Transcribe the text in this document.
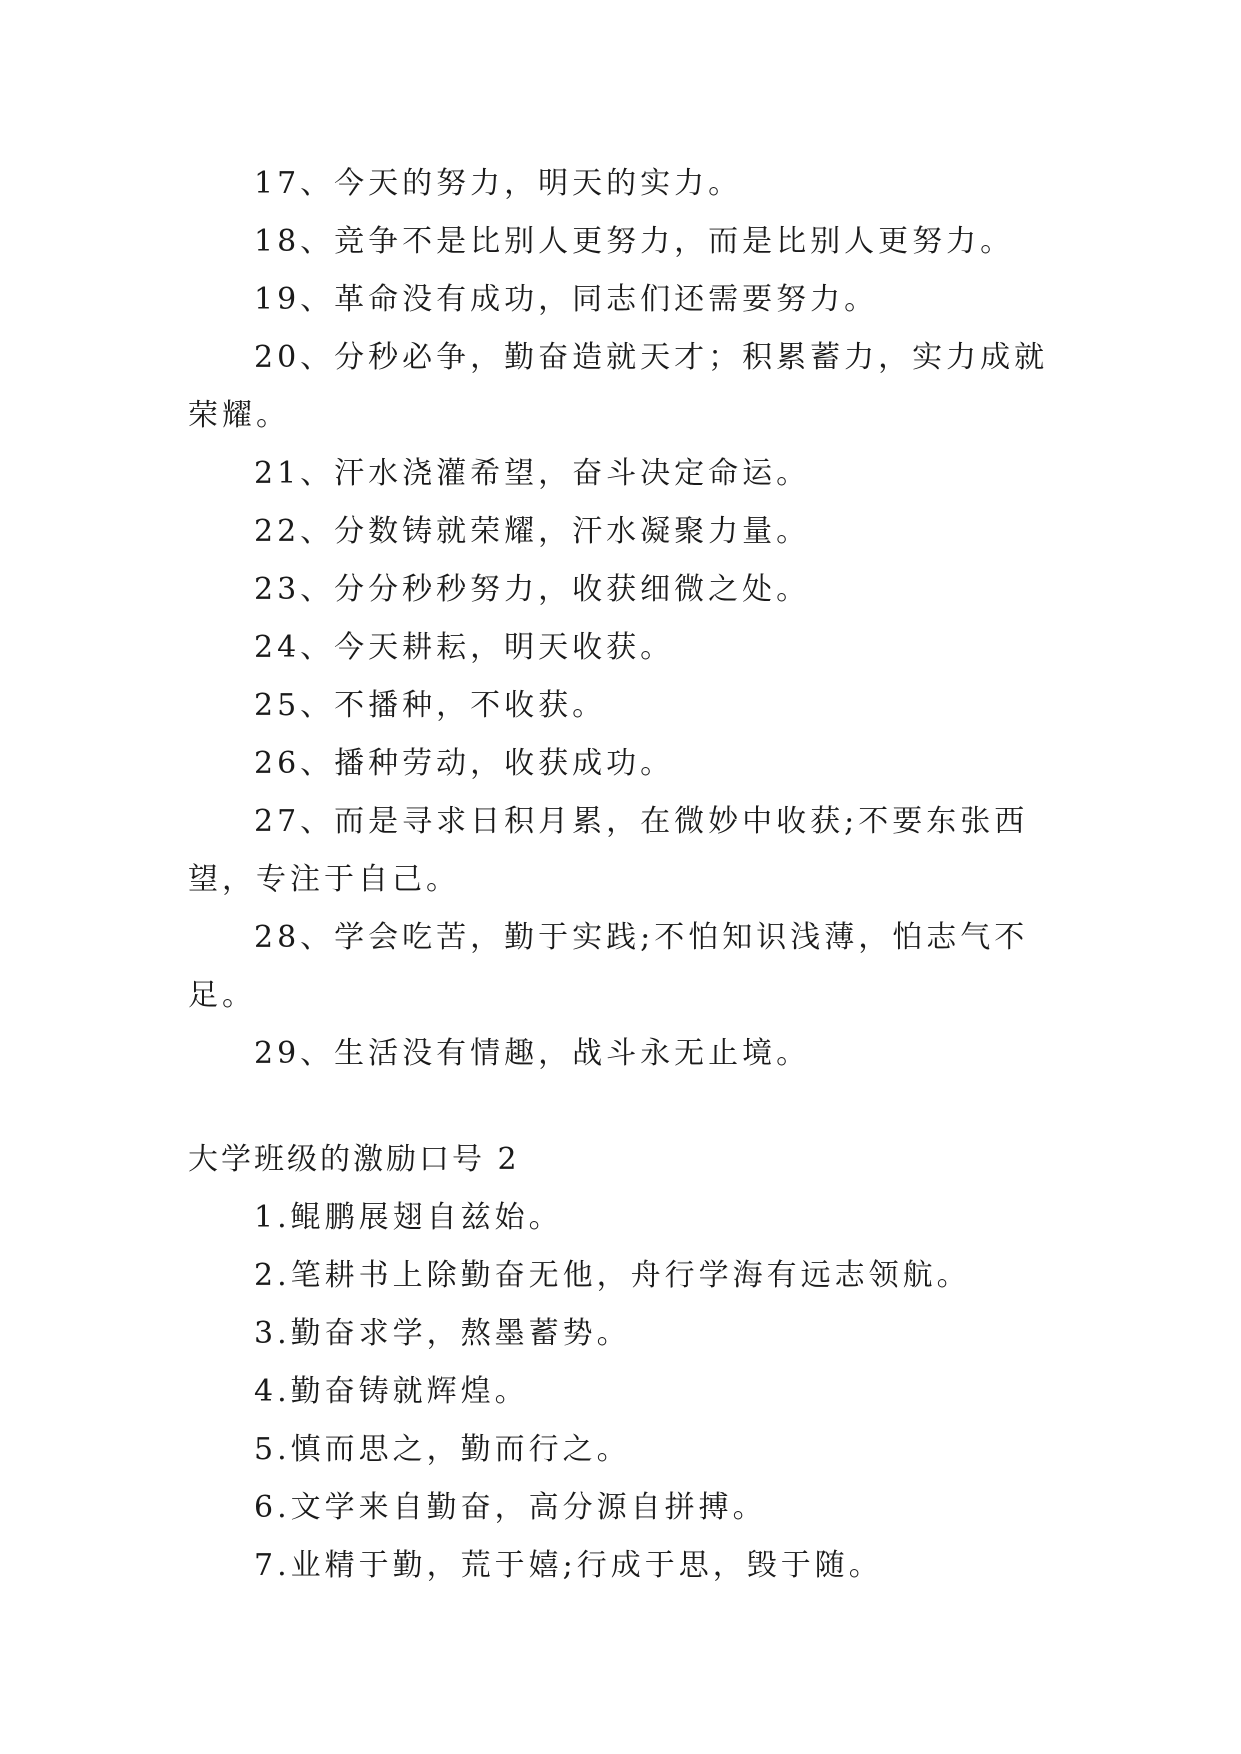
17、今天的努力，明天的实力。

18、竞争不是比别人更努力，而是比别人更努力。

19、革命没有成功，同志们还需要努力。

20、分秒必争，勤奋造就天才；积累蓄力，实力成就荣耀。

21、汗水浇灌希望，奋斗决定命运。

22、分数铸就荣耀，汗水凝聚力量。

23、分分秒秒努力，收获细微之处。

24、今天耕耘，明天收获。

25、不播种，不收获。

26、播种劳动，收获成功。

27、而是寻求日积月累，在微妙中收获;不要东张西望，专注于自己。

28、学会吃苦，勤于实践;不怕知识浅薄，怕志气不足。

29、生活没有情趣，战斗永无止境。

大学班级的激励口号 2

1.鲲鹏展翅自兹始。

2.笔耕书上除勤奋无他，舟行学海有远志领航。

3.勤奋求学，熬墨蓄势。

4.勤奋铸就辉煌。

5.慎而思之，勤而行之。

6.文学来自勤奋，高分源自拼搏。

7.业精于勤，荒于嬉;行成于思，毁于随。
